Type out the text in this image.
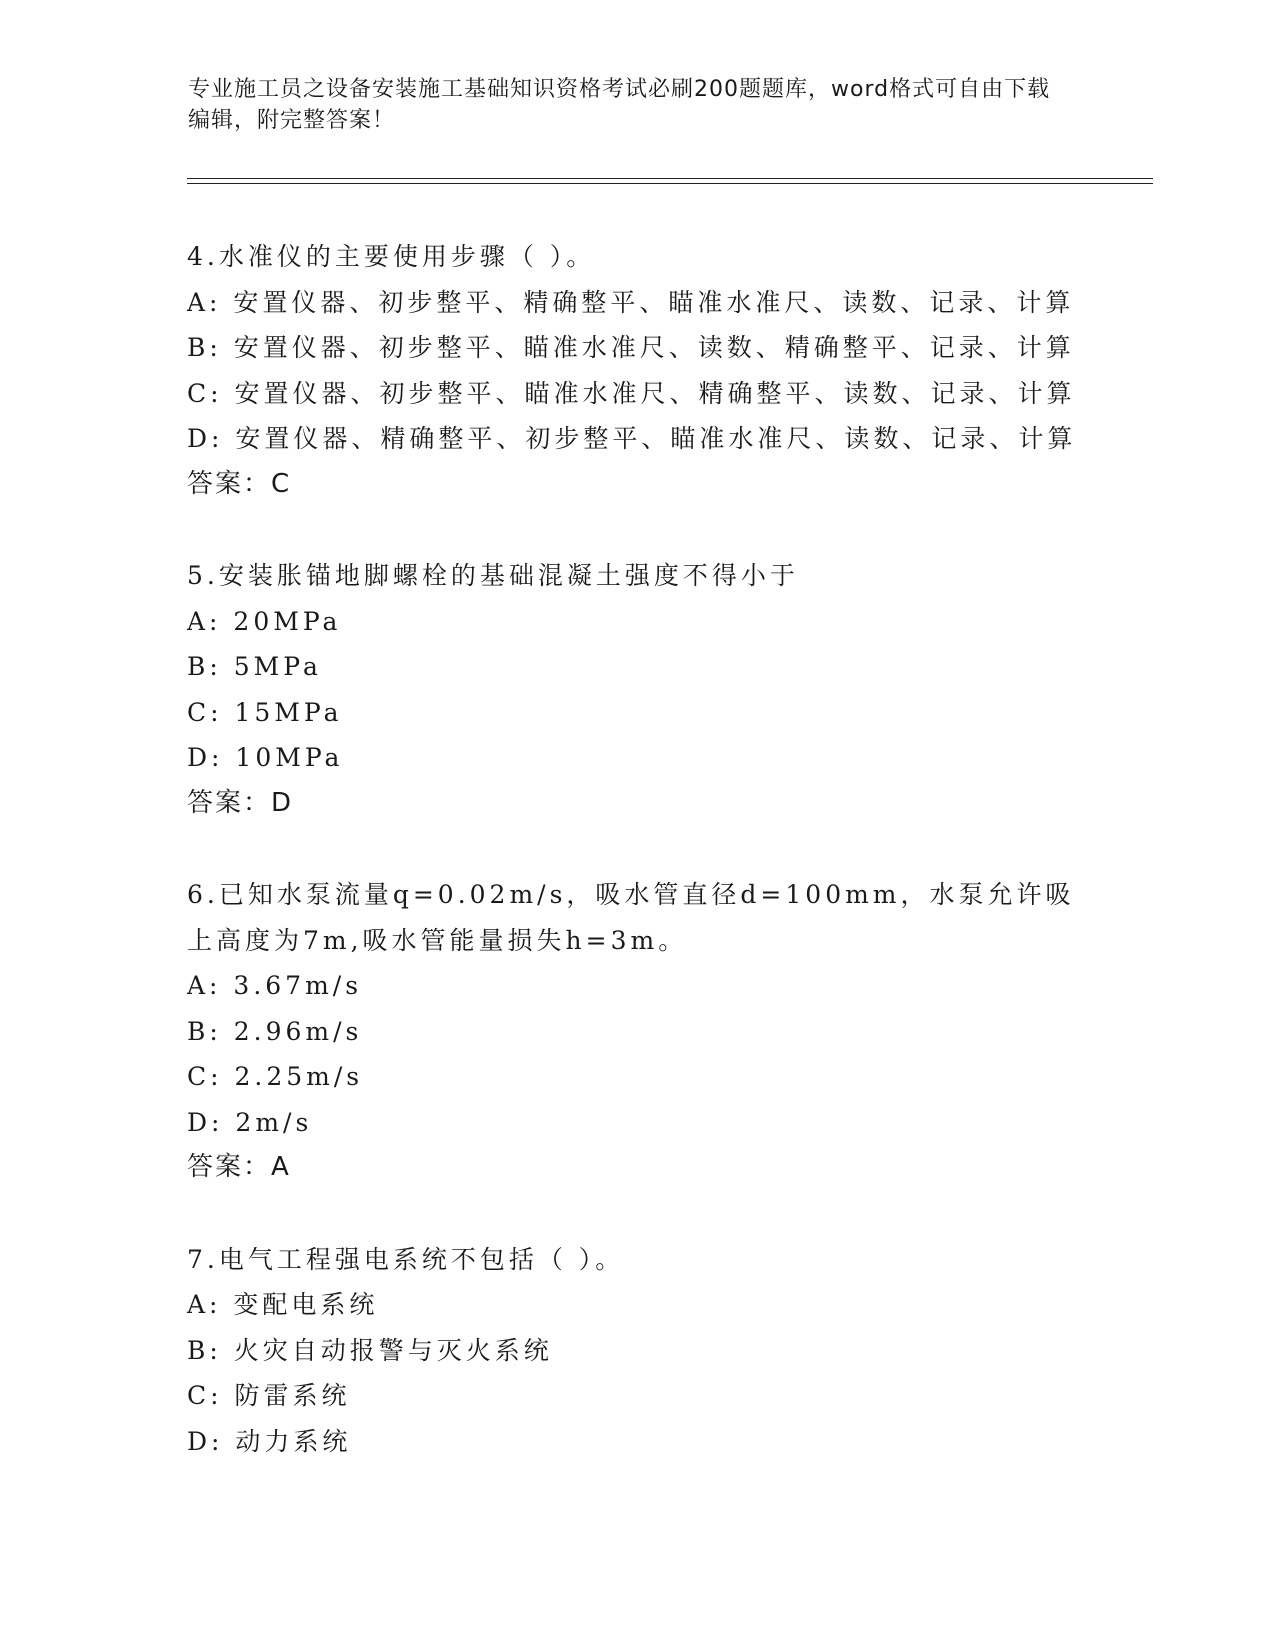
专业施工员之设备安装施工基础知识资格考试必刷200题题库，word格式可自由下载编辑，附完整答案！
4.水准仪的主要使用步骤（ ）。
A: 安置仪器、初步整平、精确整平、瞄准水准尺、读数、记录、计算
B: 安置仪器、初步整平、瞄准水准尺、读数、精确整平、记录、计算
C: 安置仪器、初步整平、瞄准水准尺、精确整平、读数、记录、计算
D: 安置仪器、精确整平、初步整平、瞄准水准尺、读数、记录、计算
答案：C
5.安装胀锚地脚螺栓的基础混凝土强度不得小于
A: 20MPa
B: 5MPa
C: 15MPa
D: 10MPa
答案：D
6.已知水泵流量q=0.02m/s，吸水管直径d=100mm，水泵允许吸上高度为7m,吸水管能量损失h=3m。
A: 3.67m/s
B: 2.96m/s
C: 2.25m/s
D: 2m/s
答案：A
7.电气工程强电系统不包括（ ）。
A: 变配电系统
B: 火灾自动报警与灭火系统
C: 防雷系统
D: 动力系统
